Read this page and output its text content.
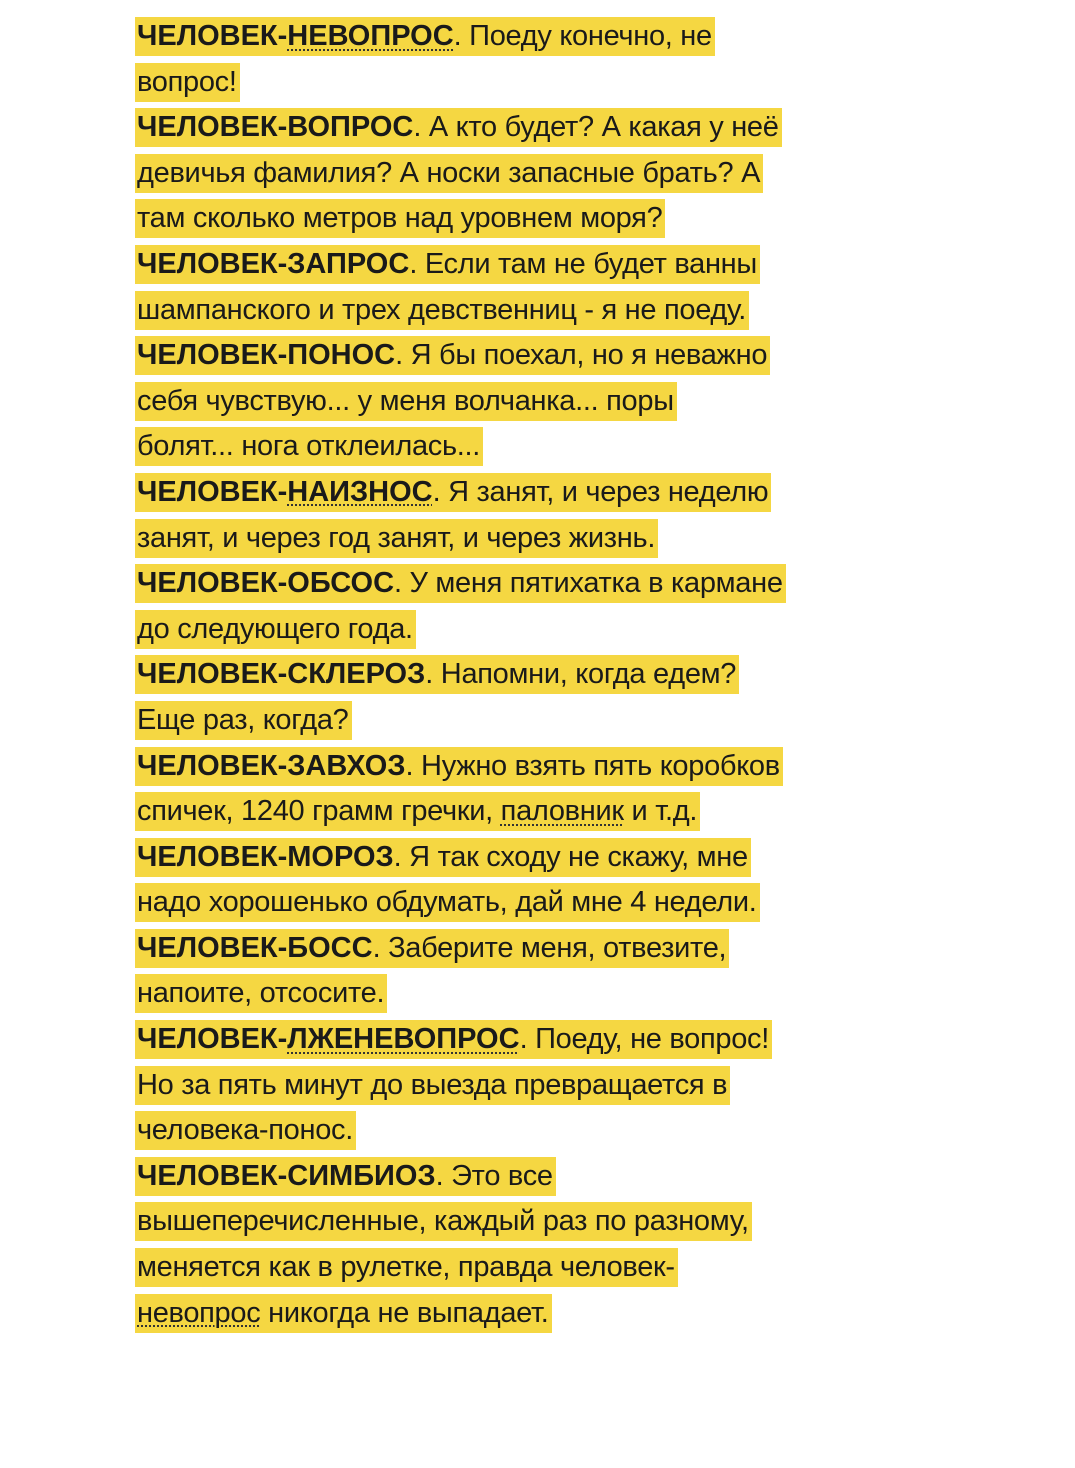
ЧЕЛОВЕК-НЕВОПРОС. Поеду конечно, не
вопрос!
ЧЕЛОВЕК-ВОПРОС. А кто будет? А какая у неё
девичья фамилия? А носки запасные брать? А
там сколько метров над уровнем моря?
ЧЕЛОВЕК-ЗАПРОС. Если там не будет ванны
шампанского и трех девственниц - я не поеду.
ЧЕЛОВЕК-ПОНОС. Я бы поехал, но я неважно
себя чувствую... у меня волчанка... поры
болят... нога отклеилась...
ЧЕЛОВЕК-НАИЗНОС. Я занят, и через неделю
занят, и через год занят, и через жизнь.
ЧЕЛОВЕК-ОБСОС. У меня пятихатка в кармане
до следующего года.
ЧЕЛОВЕК-СКЛЕРОЗ. Напомни, когда едем?
Еще раз, когда?
ЧЕЛОВЕК-ЗАВХОЗ. Нужно взять пять коробков
спичек, 1240 грамм гречки, паловник и т.д.
ЧЕЛОВЕК-МОРОЗ. Я так сходу не скажу, мне
надо хорошенько обдумать, дай мне 4 недели.
ЧЕЛОВЕК-БОСС. Заберите меня, отвезите,
напоите, отсосите.
ЧЕЛОВЕК-ЛЖЕНЕВОПРОС. Поеду, не вопрос!
Но за пять минут до выезда превращается в
человека-понос.
ЧЕЛОВЕК-СИМБИОЗ. Это все
вышеперечисленные, каждый раз по разному,
меняется как в рулетке, правда человек-
невопрос никогда не выпадает.
